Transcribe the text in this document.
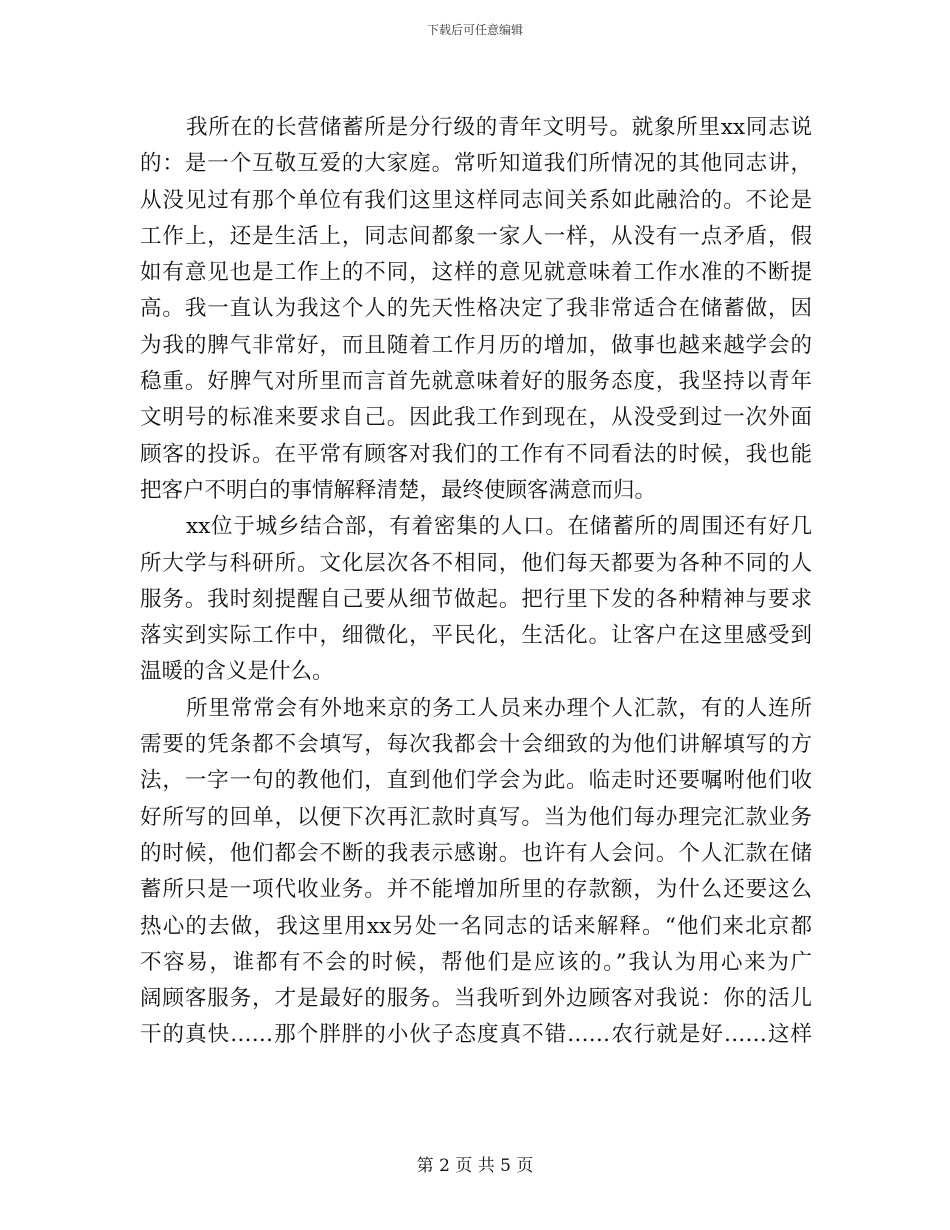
下载后可任意编辑
我所在的长营储蓄所是分行级的青年文明号。就象所里xx同志说
的：是一个互敬互爱的大家庭。常听知道我们所情况的其他同志讲，
从没见过有那个单位有我们这里这样同志间关系如此融洽的。不论是
工作上，还是生活上，同志间都象一家人一样，从没有一点矛盾，假
如有意见也是工作上的不同，这样的意见就意味着工作水准的不断提
高。我一直认为我这个人的先天性格决定了我非常适合在储蓄做，因
为我的脾气非常好，而且随着工作月历的增加，做事也越来越学会的
稳重。好脾气对所里而言首先就意味着好的服务态度，我坚持以青年
文明号的标准来要求自己。因此我工作到现在，从没受到过一次外面
顾客的投诉。在平常有顾客对我们的工作有不同看法的时候，我也能
把客户不明白的事情解释清楚，最终使顾客满意而归。
xx位于城乡结合部，有着密集的人口。在储蓄所的周围还有好几
所大学与科研所。文化层次各不相同，他们每天都要为各种不同的人
服务。我时刻提醒自己要从细节做起。把行里下发的各种精神与要求
落实到实际工作中，细微化，平民化，生活化。让客户在这里感受到
温暖的含义是什么。
所里常常会有外地来京的务工人员来办理个人汇款，有的人连所
需要的凭条都不会填写，每次我都会十会细致的为他们讲解填写的方
法，一字一句的教他们，直到他们学会为此。临走时还要嘱咐他们收
好所写的回单，以便下次再汇款时真写。当为他们每办理完汇款业务
的时候，他们都会不断的我表示感谢。也许有人会问。个人汇款在储
蓄所只是一项代收业务。并不能增加所里的存款额，为什么还要这么
热心的去做，我这里用xx另处一名同志的话来解释。“他们来北京都
不容易，谁都有不会的时候，帮他们是应该的。”我认为用心来为广
阔顾客服务，才是最好的服务。当我听到外边顾客对我说：你的活儿
干的真快……那个胖胖的小伙子态度真不错……农行就是好……这样
第 2 页 共 5 页
